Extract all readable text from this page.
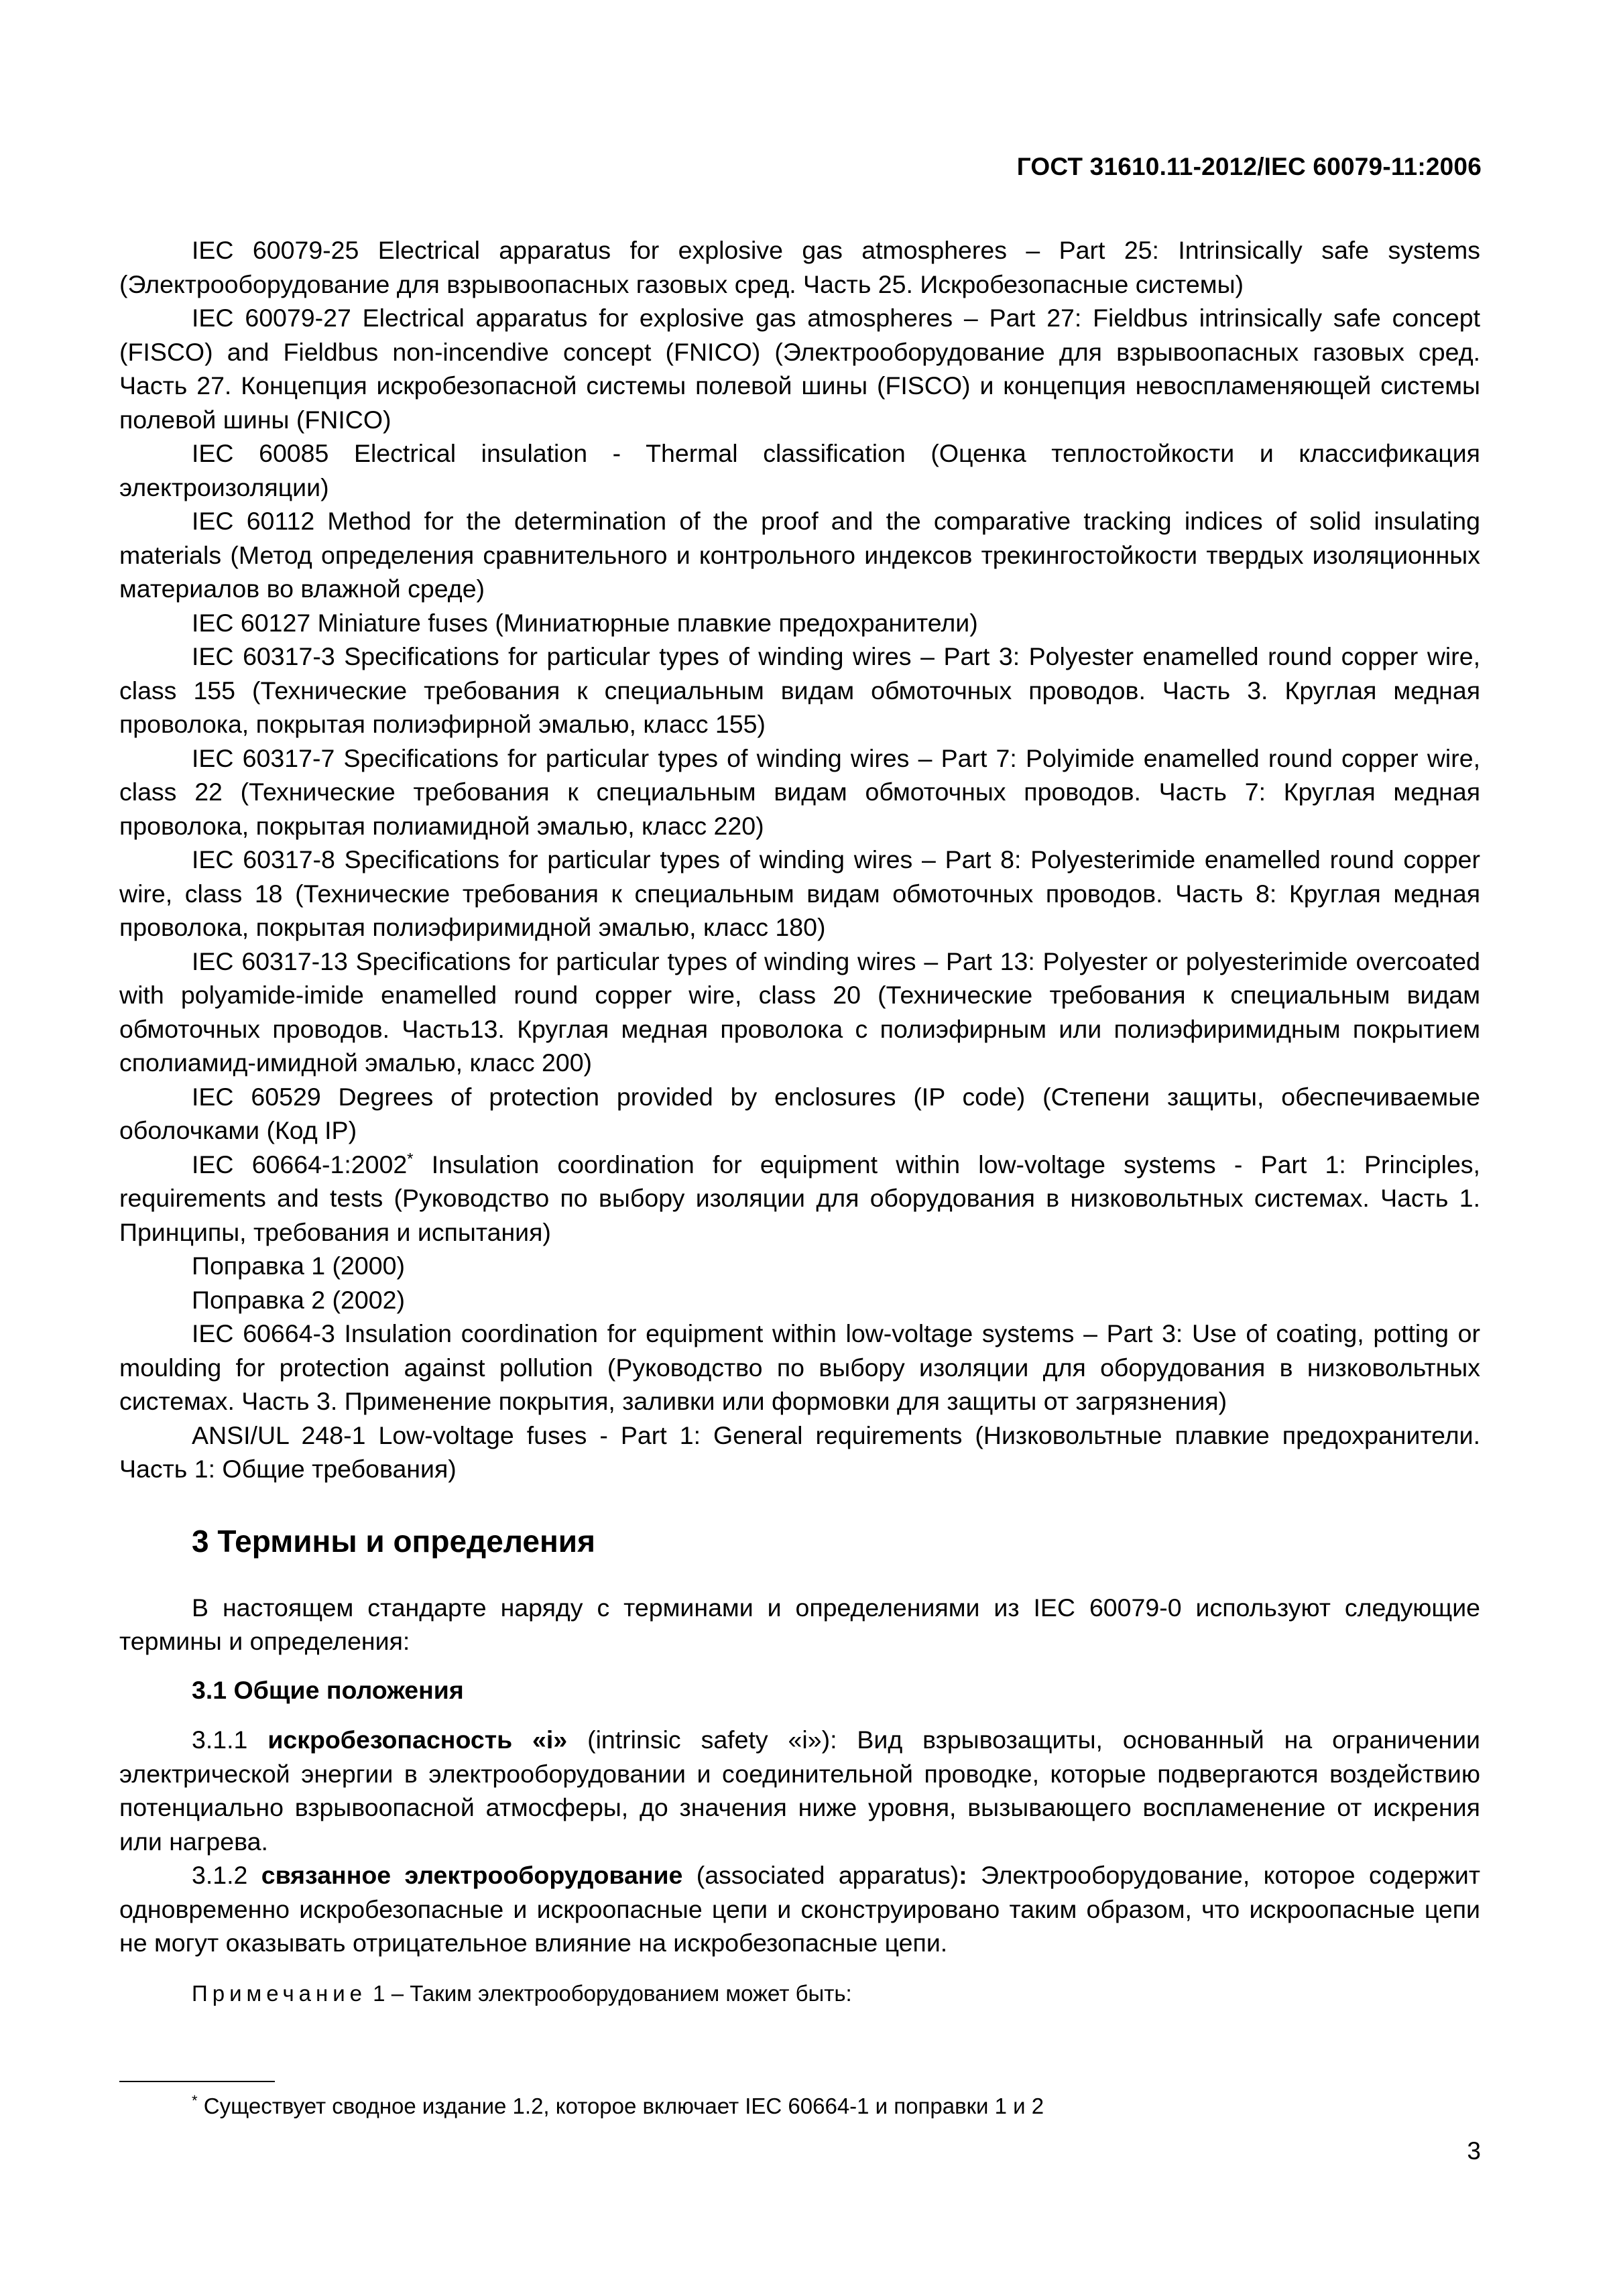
ГОСТ 31610.11-2012/IEC 60079-11:2006

IEC 60079-25 Electrical apparatus for explosive gas atmospheres – Part 25: Intrinsically safe systems (Электрооборудование для взрывоопасных газовых сред. Часть 25. Искробезопасные системы)

IEC 60079-27 Electrical apparatus for explosive gas atmospheres – Part 27: Fieldbus intrinsically safe concept (FISCO) and Fieldbus non-incendive concept (FNICO) (Электрооборудование для взрывоопасных газовых сред. Часть 27. Концепция искробезопасной системы полевой шины (FISCO) и концепция невоспламеняющей системы полевой шины (FNICO)

IEC 60085 Electrical insulation - Thermal classification (Оценка теплостойкости и классификация электроизоляции)

IEC 60112 Method for the determination of the proof and the comparative tracking indices of solid insulating materials (Метод определения сравнительного и контрольного индексов трекингостойкости твердых изоляционных материалов во влажной среде)

IEC 60127 Miniature fuses (Миниатюрные плавкие предохранители)

IEC 60317-3 Specifications for particular types of winding wires – Part 3: Polyester enamelled round copper wire, class 155 (Технические требования к специальным видам обмоточных проводов. Часть 3. Круглая медная проволока, покрытая полиэфирной эмалью, класс 155)

IEC 60317-7 Specifications for particular types of winding wires – Part 7: Polyimide enamelled round copper wire, class 22 (Технические требования к специальным видам обмоточных проводов. Часть 7: Круглая медная проволока, покрытая полиамидной эмалью, класс 220)

IEC 60317-8 Specifications for particular types of winding wires – Part 8: Polyesterimide enamelled round copper wire, class 18 (Технические требования к специальным видам обмоточных проводов. Часть 8: Круглая медная проволока, покрытая полиэфиримидной эмалью, класс 180)

IEC 60317-13 Specifications for particular types of winding wires – Part 13: Polyester or polyesterimide overcoated with polyamide-imide enamelled round copper wire, class 20 (Технические требования к специальным видам обмоточных проводов. Часть13. Круглая медная проволока с полиэфирным или полиэфиримидным покрытием сполиамид-имидной эмалью, класс 200)

IEC 60529 Degrees of protection provided by enclosures (IP code) (Степени защиты, обеспечиваемые оболочками (Код IP)

IEC 60664-1:2002* Insulation coordination for equipment within low-voltage systems - Part 1: Principles, requirements and tests (Руководство по выбору изоляции для оборудования в низковольтных системах. Часть 1. Принципы, требования и испытания)

Поправка 1 (2000)

Поправка 2 (2002)

IEC 60664-3 Insulation coordination for equipment within low-voltage systems – Part 3: Use of coating, potting or moulding for protection against pollution (Руководство по выбору изоляции для оборудования в низковольтных системах. Часть 3. Применение покрытия, заливки или формовки для защиты от загрязнения)

ANSI/UL 248-1 Low-voltage fuses - Part 1: General requirements (Низковольтные плавкие предохранители. Часть 1: Общие требования)

3 Термины и определения

В настоящем стандарте наряду с терминами и определениями из IEC 60079-0 используют следующие термины и определения:

3.1 Общие положения

3.1.1 искробезопасность «i» (intrinsic safety «i»): Вид взрывозащиты, основанный на ограничении электрической энергии в электрооборудовании и соединительной проводке, которые подвергаются воздействию потенциально взрывоопасной атмосферы, до значения ниже уровня, вызывающего воспламенение от искрения или нагрева.

3.1.2 связанное электрооборудование (associated apparatus): Электрооборудование, которое содержит одновременно искробезопасные и искроопасные цепи и сконструировано таким образом, что искроопасные цепи не могут оказывать отрицательное влияние на искробезопасные цепи.

Примечание 1 – Таким электрооборудованием может быть:

* Существует сводное издание 1.2, которое включает IEC 60664-1 и поправки 1 и 2
3
